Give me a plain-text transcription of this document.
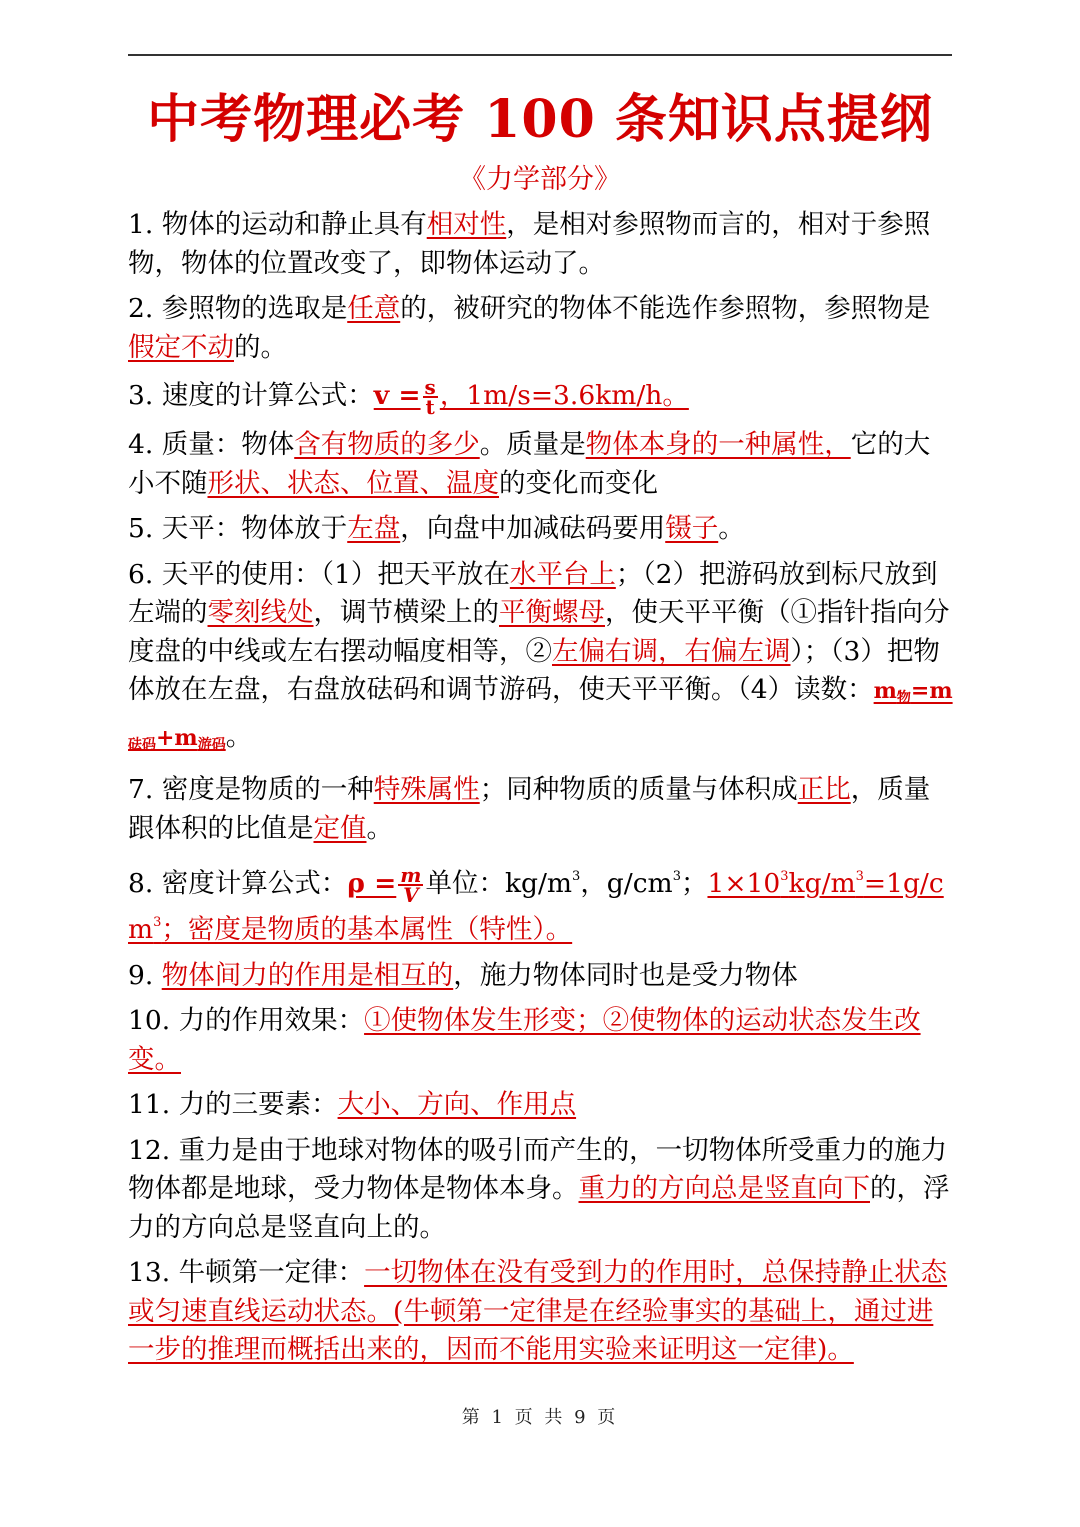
中考物理必考 100 条知识点提纲
《力学部分》

1. 物体的运动和静止具有相对性，是相对参照物而言的，相对于参照物，物体的位置改变了，即物体运动了。

2. 参照物的选取是任意的，被研究的物体不能选作参照物，参照物是假定不动的。

3. 速度的计算公式：$v = \frac{s}{t}$ ，1m/s=3.6km/h。

4. 质量：物体含有物质的多少。质量是物体本身的一种属性，它的大小不随形状、状态、位置、温度的变化而变化

5. 天平：物体放于左盘，向盘中加减砝码要用镊子。

6. 天平的使用：（1）把天平放在水平台上；（2）把游码放到标尺放到左端的零刻线处，调节横梁上的平衡螺母，使天平平衡（①指针指向分度盘的中线或左右摆动幅度相等，②左偏右调，右偏左调）；（3）把物体放在左盘，右盘放砝码和调节游码，使天平平衡。（4）读数：$m_物=m_{砝码}+m_{游码}$。

7. 密度是物质的一种特殊属性；同种物质的质量与体积成正比，质量跟体积的比值是定值。

8. 密度计算公式：$\rho = \frac{m}{V}$ 单位：$kg/m^3$，$g/cm^3$；$1\times 10^3kg/m^3=1g/cm^3$；密度是物质的基本属性（特性）。

9. 物体间力的作用是相互的，施力物体同时也是受力物体

10. 力的作用效果：①使物体发生形变；②使物体的运动状态发生改变。

11. 力的三要素：大小、方向、作用点

12. 重力是由于地球对物体的吸引而产生的，一切物体所受重力的施力物体都是地球，受力物体是物体本身。重力的方向总是竖直向下的，浮力的方向总是竖直向上的。

13. 牛顿第一定律：一切物体在没有受到力的作用时，总保持静止状态或匀速直线运动状态。(牛顿第一定律是在经验事实的基础上，通过进一步的推理而概括出来的，因而不能用实验来证明这一定律)。

第 1 页 共 9 页
